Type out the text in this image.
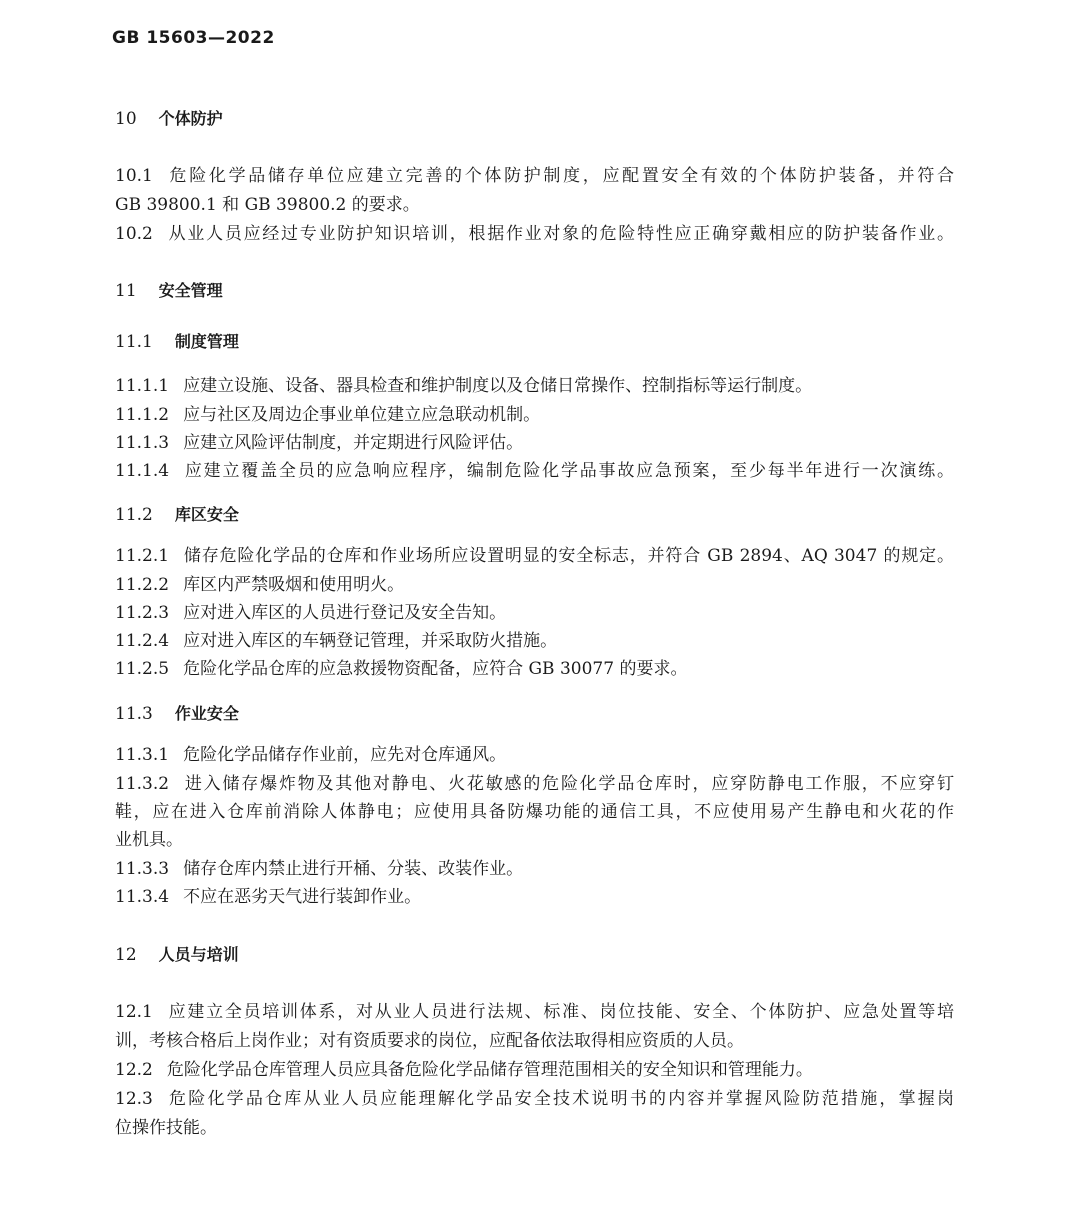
GB 15603—2022
10 个体防护
10.1 危险化学品储存单位应建立完善的个体防护制度，应配置安全有效的个体防护装备，并符合
GB 39800.1 和 GB 39800.2 的要求。
10.2 从业人员应经过专业防护知识培训，根据作业对象的危险特性应正确穿戴相应的防护装备作业。
11 安全管理
11.1 制度管理
11.1.1 应建立设施、设备、器具检查和维护制度以及仓储日常操作、控制指标等运行制度。
11.1.2 应与社区及周边企事业单位建立应急联动机制。
11.1.3 应建立风险评估制度，并定期进行风险评估。
11.1.4 应建立覆盖全员的应急响应程序，编制危险化学品事故应急预案，至少每半年进行一次演练。
11.2 库区安全
11.2.1 储存危险化学品的仓库和作业场所应设置明显的安全标志，并符合 GB 2894、AQ 3047 的规定。
11.2.2 库区内严禁吸烟和使用明火。
11.2.3 应对进入库区的人员进行登记及安全告知。
11.2.4 应对进入库区的车辆登记管理，并采取防火措施。
11.2.5 危险化学品仓库的应急救援物资配备，应符合 GB 30077 的要求。
11.3 作业安全
11.3.1 危险化学品储存作业前，应先对仓库通风。
11.3.2 进入储存爆炸物及其他对静电、火花敏感的危险化学品仓库时，应穿防静电工作服，不应穿钉
鞋，应在进入仓库前消除人体静电；应使用具备防爆功能的通信工具，不应使用易产生静电和火花的作
业机具。
11.3.3 储存仓库内禁止进行开桶、分装、改装作业。
11.3.4 不应在恶劣天气进行装卸作业。
12 人员与培训
12.1 应建立全员培训体系，对从业人员进行法规、标准、岗位技能、安全、个体防护、应急处置等培
训，考核合格后上岗作业；对有资质要求的岗位，应配备依法取得相应资质的人员。
12.2 危险化学品仓库管理人员应具备危险化学品储存管理范围相关的安全知识和管理能力。
12.3 危险化学品仓库从业人员应能理解化学品安全技术说明书的内容并掌握风险防范措施，掌握岗
位操作技能。
